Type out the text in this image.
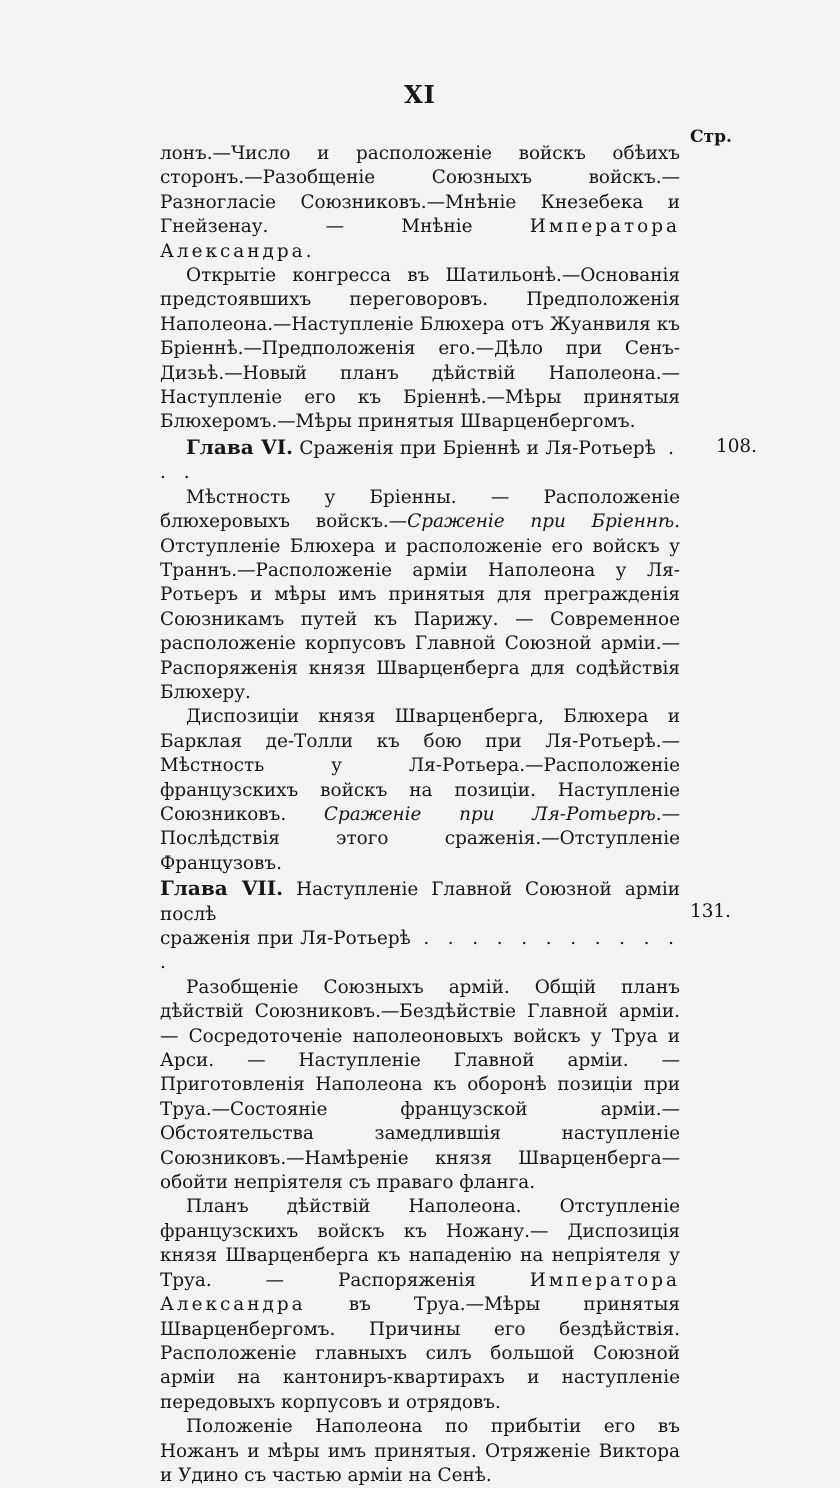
XI
Стр.

лонъ.—Число и расположеніе войскъ обѣихъ сторонъ.—Разобщеніе Союзныхъ войскъ.—Разногласіе Союзниковъ.—Мнѣніе Кнезебека и Гнейзенау. — Мнѣніе Императора Александра.

Открытіе конгресса въ Шатильонѣ.—Основанія предстоявшихъ переговоровъ. Предположенія Наполеона.—Наступленіе Блюхера отъ Жуанвиля къ Бріеннѣ.—Предположенія его.—Дѣло при Сенъ-Дизьѣ.—Новый планъ дѣйствій Наполеона.—Наступленіе его къ Бріеннѣ.—Мѣры принятыя Блюхеромъ.—Мѣры принятыя Шварценбергомъ.

Глава VI. Сраженія при Бріеннѣ и Ля-Ротьерѣ . . .
108.

Мѣстность у Бріенны. — Расположеніе блюхеровыхъ войскъ.—Сраженіе при Бріеннѣ. Отступленіе Блюхера и расположеніе его войскъ у Траннъ.—Расположеніе арміи Наполеона у Ля-Ротьеръ и мѣры имъ принятыя для прегражденія Союзникамъ путей къ Парижу. — Современное расположеніе корпусовъ Главной Союзной арміи.—Распоряженія князя Шварценберга для содѣйствія Блюхеру.

Диспозиціи князя Шварценберга, Блюхера и Барклая де-Толли къ бою при Ля-Ротьерѣ.—Мѣстность у Ля-Ротьера.—Расположеніе французскихъ войскъ на позиціи. Наступленіе Союзниковъ. Сраженіе при Ля-Ротьерѣ.—Послѣдствія этого сраженія.—Отступленіе Французовъ.

Глава VII. Наступленіе Главной Союзной арміи послѣ
сраженія при Ля-Ротьерѣ . . . . . . . . . . . .
131.

Разобщеніе Союзныхъ армій. Общій планъ дѣйствій Союзниковъ.—Бездѣйствіе Главной арміи. — Сосредоточеніе наполеоновыхъ войскъ у Труа и Арси. — Наступленіе Главной арміи. — Приготовленія Наполеона къ оборонѣ позиціи при Труа.—Состояніе французской арміи.—Обстоятельства замедлившія наступленіе Союзниковъ.—Намѣреніе князя Шварценберга—обойти непріятеля съ праваго фланга.

Планъ дѣйствій Наполеона. Отступленіе французскихъ войскъ къ Ножану.— Диспозиція князя Шварценберга къ нападенію на непріятеля у Труа. — Распоряженія Императора Александра въ Труа.—Мѣры принятыя Шварценбергомъ. Причины его бездѣйствія. Расположеніе главныхъ силъ большой Союзной арміи на кантониръ-квартирахъ и наступленіе передовыхъ корпусовъ и отрядовъ.

Положеніе Наполеона по прибытіи его въ Ножанъ и мѣры имъ принятыя. Отряженіе Виктора и Удино съ частью арміи на Сенѣ.
